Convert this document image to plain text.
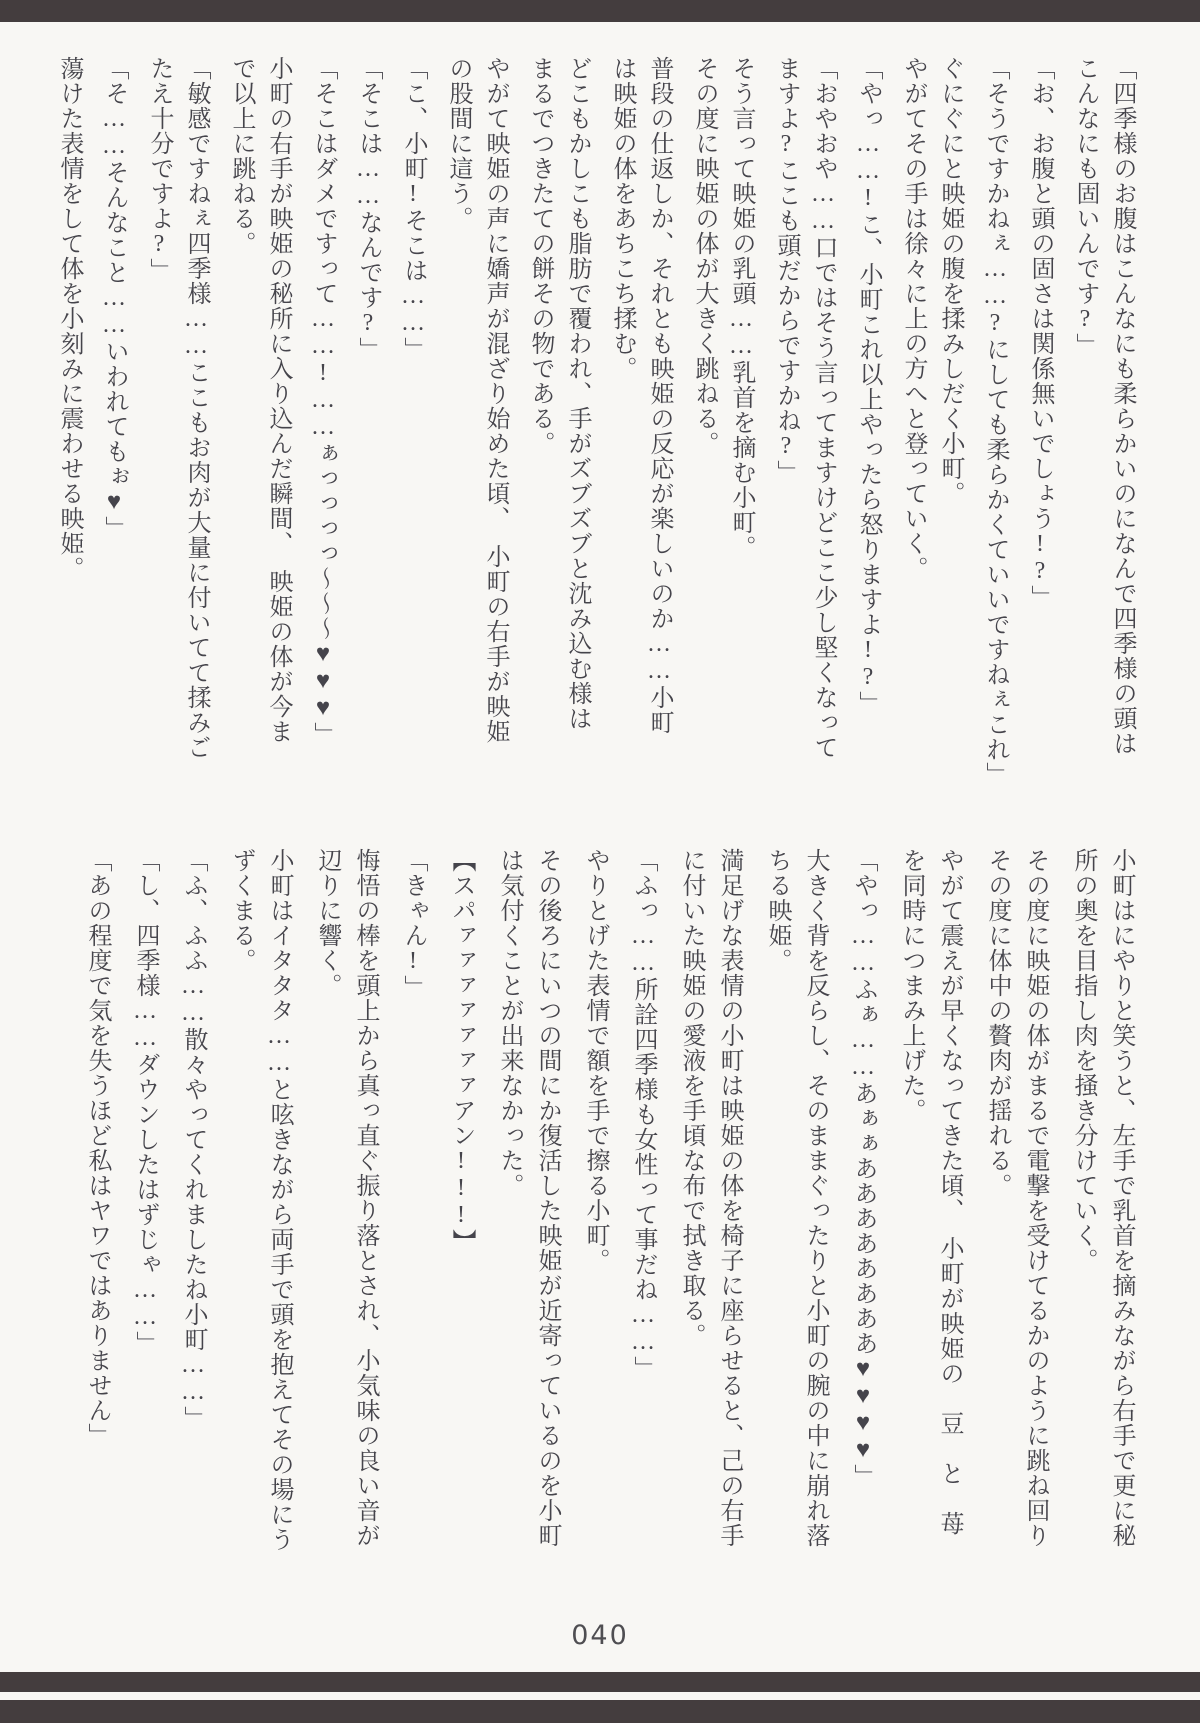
「四季様のお腹はこんなにも柔らかいのになんで四季様の頭は
こんなにも固いんです?」
「お、お腹と頭の固さは関係無いでしょう!?」
「そうですかねぇ……?にしても柔らかくていいですねぇこれ」
ぐにぐにと映姫の腹を揉みしだく小町。
やがてその手は徐々に上の方へと登っていく。
「やっ……!こ、小町これ以上やったら怒りますよ!?」
「おやおや……口ではそう言ってますけどここ少し堅くなって
ますよ?ここも頭だからですかね?」
そう言って映姫の乳頭……乳首を摘む小町。
その度に映姫の体が大きく跳ねる。
普段の仕返しか、それとも映姫の反応が楽しいのか……小町
は映姫の体をあちこち揉む。
どこもかしこも脂肪で覆われ、手がズブズブと沈み込む様は
まるでつきたての餅その物である。
やがて映姫の声に嬌声が混ざり始めた頃、　小町の右手が映姫
の股間に這う。
「こ、小町!そこは……」
「そこは……なんです?」
「そこはダメですって……!……ぁっっっっ〜〜〜♥♥♥」
小町の右手が映姫の秘所に入り込んだ瞬間、　映姫の体が今ま
で以上に跳ねる。
「敏感ですねぇ四季様……ここもお肉が大量に付いてて揉みご
たえ十分ですよ?」
「そ……そんなこと……いわれてもぉ♥」
蕩けた表情をして体を小刻みに震わせる映姫。
小町はにやりと笑うと、左手で乳首を摘みながら右手で更に秘
所の奥を目指し肉を掻き分けていく。
その度に映姫の体がまるで電撃を受けてるかのように跳ね回り
その度に体中の贅肉が揺れる。
やがて震えが早くなってきた頃、　小町が映姫の　豆　と　苺
を同時につまみ上げた。
「やっ……ふぁ……あぁぁああああああああ♥♥♥♥」
大きく背を反らし、そのままぐったりと小町の腕の中に崩れ落
ちる映姫。
満足げな表情の小町は映姫の体を椅子に座らせると、己の右手
に付いた映姫の愛液を手頃な布で拭き取る。
「ふっ……所詮四季様も女性って事だね……」
やりとげた表情で額を手で擦る小町。
その後ろにいつの間にか復活した映姫が近寄っているのを小町
は気付くことが出来なかった。
【スパァァァァァァァアン!!!】
「きゃん!」
悔悟の棒を頭上から真っ直ぐ振り落とされ、小気味の良い音が
辺りに響く。
小町はイタタタ……と呟きながら両手で頭を抱えてその場にう
ずくまる。
「ふ、ふふ……散々やってくれましたね小町……」
「し、四季様……ダウンしたはずじゃ……」
「あの程度で気を失うほど私はヤワではありません」
040
